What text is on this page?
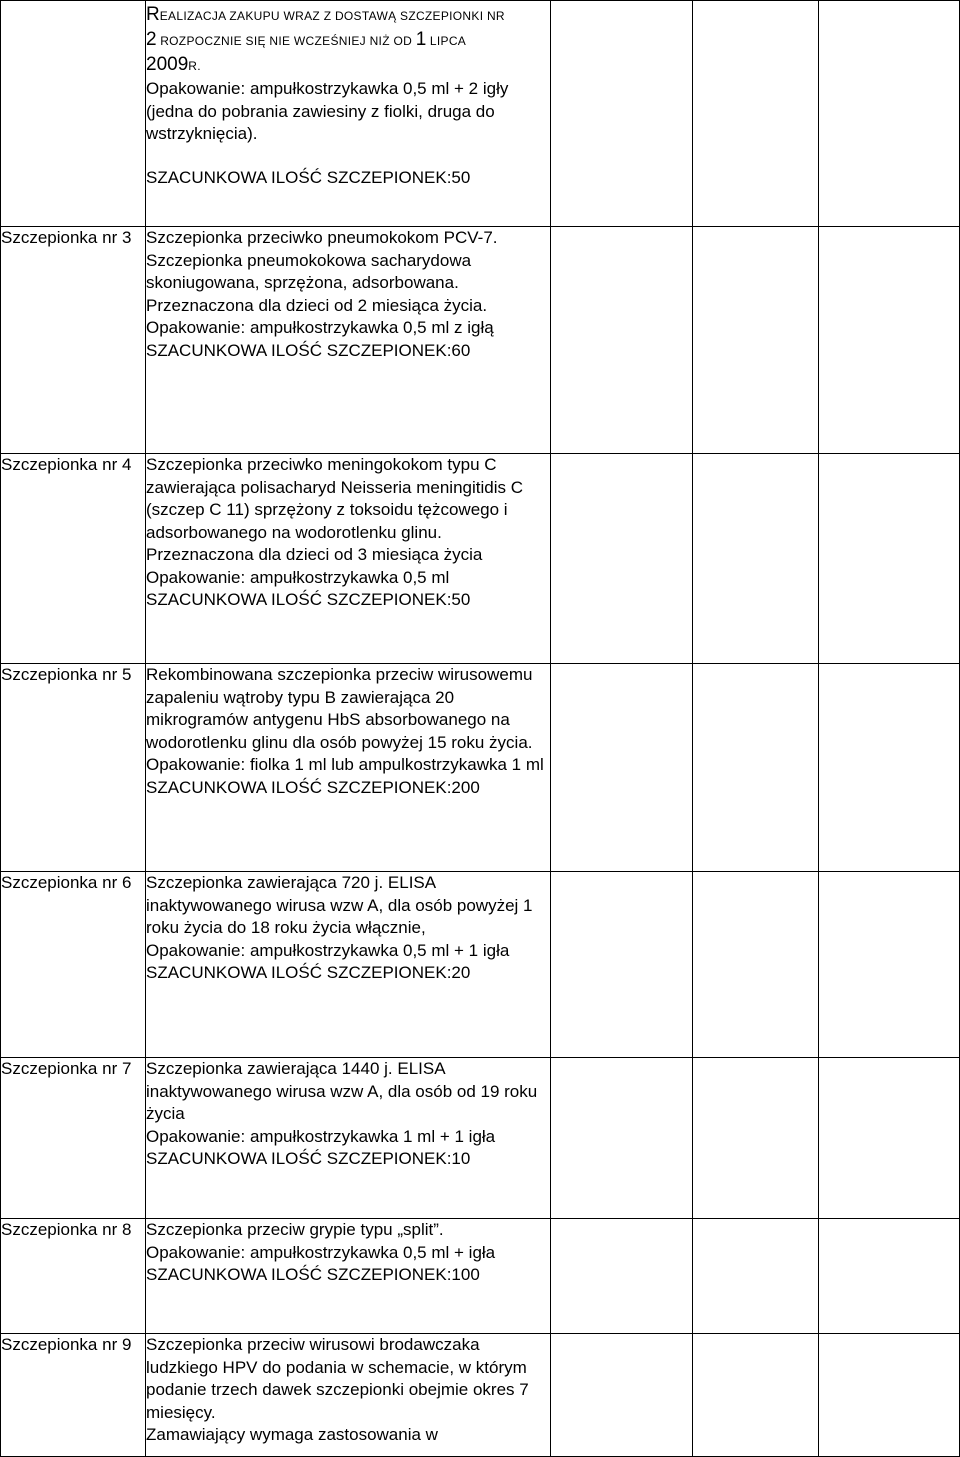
	REALIZACJA ZAKUPU WRAZ Z DOSTAWĄ SZCZEPIONKI NR
2 ROZPOCZNIE SIĘ NIE WCZEŚNIEJ NIŻ OD 1 LIPCA
2009R.

Opakowanie: ampułkostrzykawka 0,5 ml + 2 igły (jedna do pobrania zawiesiny z fiolki, druga do wstrzyknięcia).

SZACUNKOWA ILOŚĆ SZCZEPIONEK:50			

Szczepionka nr 3	Szczepionka przeciwko pneumokokom PCV-7. Szczepionka pneumokokowa sacharydowa skoniugowana, sprzężona, adsorbowana.

Przeznaczona dla dzieci od 2 miesiąca życia.

Opakowanie: ampułkostrzykawka 0,5 ml z igłą

SZACUNKOWA ILOŚĆ SZCZEPIONEK:60			

Szczepionka nr 4	Szczepionka przeciwko meningokokom typu C zawierająca polisacharyd Neisseria meningitidis C (szczep C 11) sprzężony z toksoidu tężcowego i adsorbowanego na wodorotlenku glinu.

Przeznaczona dla dzieci od 3 miesiąca życia

Opakowanie: ampułkostrzykawka 0,5 ml

SZACUNKOWA ILOŚĆ SZCZEPIONEK:50			

Szczepionka nr 5	Rekombinowana szczepionka przeciw wirusowemu zapaleniu wątroby typu B zawierająca 20 mikrogramów antygenu HbS absorbowanego na wodorotlenku glinu dla osób powyżej 15 roku życia.

Opakowanie: fiolka 1 ml lub ampulkostrzykawka 1 ml

SZACUNKOWA ILOŚĆ SZCZEPIONEK:200			

Szczepionka nr 6	Szczepionka zawierająca 720 j. ELISA inaktywowanego wirusa wzw A, dla osób powyżej 1 roku życia do 18 roku życia włącznie,

Opakowanie: ampułkostrzykawka 0,5 ml + 1 igła

SZACUNKOWA ILOŚĆ SZCZEPIONEK:20			

Szczepionka nr 7	Szczepionka zawierająca 1440 j. ELISA inaktywowanego wirusa wzw A, dla osób od 19 roku życia

Opakowanie: ampułkostrzykawka 1 ml + 1 igła

SZACUNKOWA ILOŚĆ SZCZEPIONEK:10			

Szczepionka nr 8	Szczepionka przeciw grypie typu „split”.

Opakowanie: ampułkostrzykawka 0,5 ml + igła

SZACUNKOWA ILOŚĆ SZCZEPIONEK:100			

Szczepionka nr 9	Szczepionka przeciw wirusowi brodawczaka ludzkiego HPV do podania w schemacie, w którym podanie trzech dawek szczepionki obejmie okres 7 miesięcy.

Zamawiający wymaga zastosowania w			
